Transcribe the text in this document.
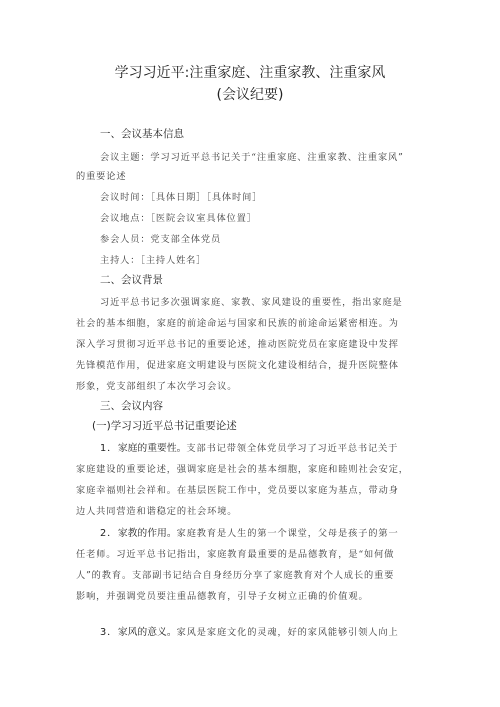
学习习近平:注重家庭、注重家教、注重家风
(会议纪要)
一、会议基本信息
会议主题：学习习近平总书记关于“注重家庭、注重家教、注重家风”
的重要论述
会议时间：［具体日期］［具体时间］
会议地点：［医院会议室具体位置］
参会人员：党支部全体党员
主持人：［主持人姓名］
二、会议背景
习近平总书记多次强调家庭、家教、家风建设的重要性，指出家庭是
社会的基本细胞，家庭的前途命运与国家和民族的前途命运紧密相连。为
深入学习贯彻习近平总书记的重要论述，推动医院党员在家庭建设中发挥
先锋模范作用，促进家庭文明建设与医院文化建设相结合，提升医院整体
形象，党支部组织了本次学习会议。
三、会议内容
(一)学习习近平总书记重要论述
1．家庭的重要性。支部书记带领全体党员学习了习近平总书记关于
家庭建设的重要论述，强调家庭是社会的基本细胞，家庭和睦则社会安定，
家庭幸福则社会祥和。在基层医院工作中，党员要以家庭为基点，带动身
边人共同营造和谐稳定的社会环境。
2．家教的作用。家庭教育是人生的第一个课堂，父母是孩子的第一
任老师。习近平总书记指出，家庭教育最重要的是品德教育，是“如何做
人”的教育。支部副书记结合自身经历分享了家庭教育对个人成长的重要
影响，并强调党员要注重品德教育，引导子女树立正确的价值观。
3．家风的意义。家风是家庭文化的灵魂，好的家风能够引领人向上
